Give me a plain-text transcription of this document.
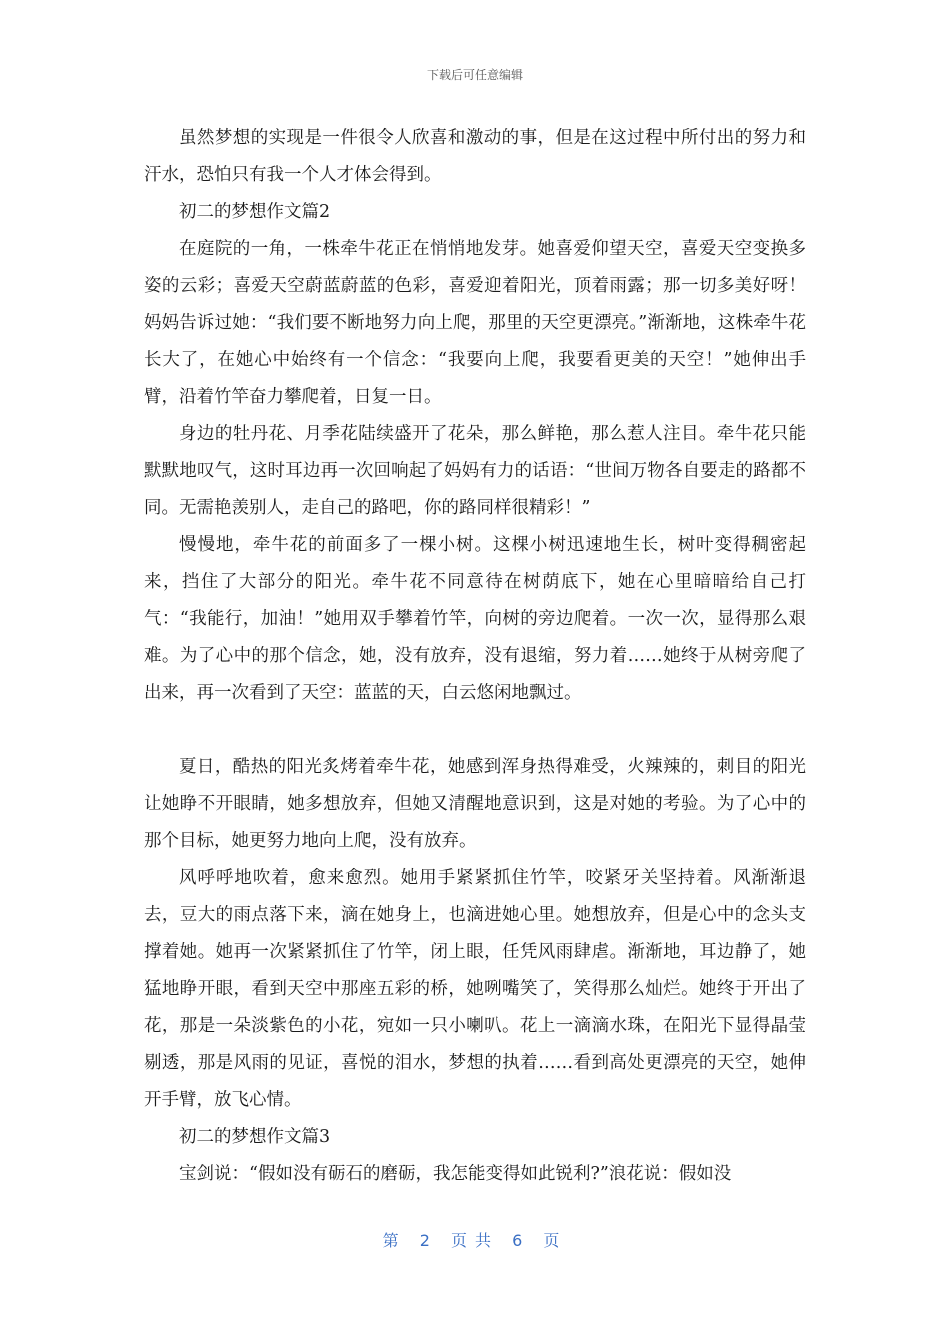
下载后可任意编辑

虽然梦想的实现是一件很令人欣喜和激动的事，但是在这过程中所付出的努力和汗水，恐怕只有我一个人才体会得到。

初二的梦想作文篇2

在庭院的一角，一株牵牛花正在悄悄地发芽。她喜爱仰望天空，喜爱天空变换多姿的云彩；喜爱天空蔚蓝蔚蓝的色彩，喜爱迎着阳光，顶着雨露；那一切多美好呀！妈妈告诉过她：“我们要不断地努力向上爬，那里的天空更漂亮。”渐渐地，这株牵牛花长大了，在她心中始终有一个信念：“我要向上爬，我要看更美的天空！”她伸出手臂，沿着竹竿奋力攀爬着，日复一日。

身边的牡丹花、月季花陆续盛开了花朵，那么鲜艳，那么惹人注目。牵牛花只能默默地叹气，这时耳边再一次回响起了妈妈有力的话语：“世间万物各自要走的路都不同。无需艳羡别人，走自己的路吧，你的路同样很精彩！”

慢慢地，牵牛花的前面多了一棵小树。这棵小树迅速地生长，树叶变得稠密起来，挡住了大部分的阳光。牵牛花不同意待在树荫底下，她在心里暗暗给自己打气：“我能行，加油！”她用双手攀着竹竿，向树的旁边爬着。一次一次，显得那么艰难。为了心中的那个信念，她，没有放弃，没有退缩，努力着……她终于从树旁爬了出来，再一次看到了天空：蓝蓝的天，白云悠闲地飘过。

夏日，酷热的阳光炙烤着牵牛花，她感到浑身热得难受，火辣辣的，刺目的阳光让她睁不开眼睛，她多想放弃，但她又清醒地意识到，这是对她的考验。为了心中的那个目标，她更努力地向上爬，没有放弃。

风呼呼地吹着，愈来愈烈。她用手紧紧抓住竹竿，咬紧牙关坚持着。风渐渐退去，豆大的雨点落下来，滴在她身上，也滴进她心里。她想放弃，但是心中的念头支撑着她。她再一次紧紧抓住了竹竿，闭上眼，任凭风雨肆虐。渐渐地，耳边静了，她猛地睁开眼，看到天空中那座五彩的桥，她咧嘴笑了，笑得那么灿烂。她终于开出了花，那是一朵淡紫色的小花，宛如一只小喇叭。花上一滴滴水珠，在阳光下显得晶莹剔透，那是风雨的见证，喜悦的泪水，梦想的执着……看到高处更漂亮的天空，她伸开手臂，放飞心情。

初二的梦想作文篇3

宝剑说：“假如没有砺石的磨砺，我怎能变得如此锐利?”浪花说：假如没

第 2 页共 6 页
